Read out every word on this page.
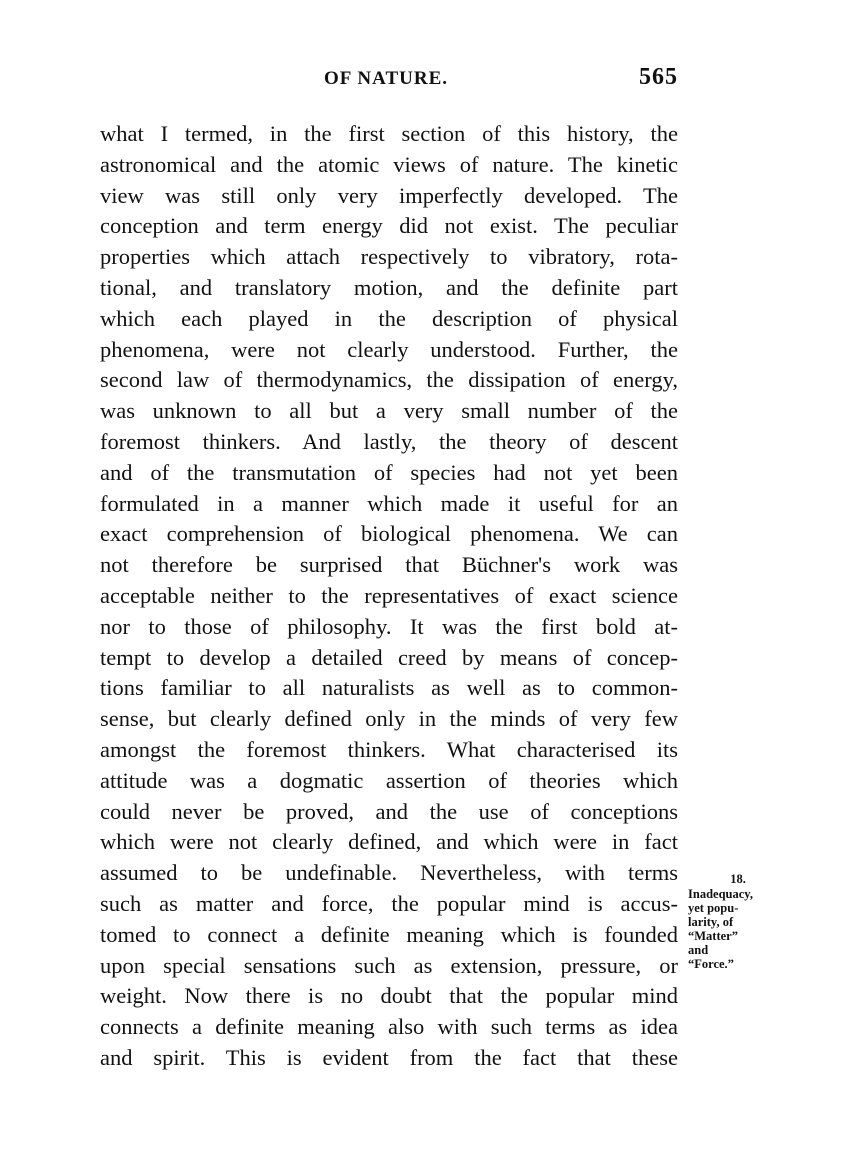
OF NATURE.	565
what I termed, in the first section of this history, the
astronomical and the atomic views of nature. The kinetic
view was still only very imperfectly developed. The
conception and term energy did not exist. The peculiar
properties which attach respectively to vibratory, rota-
tional, and translatory motion, and the definite part
which each played in the description of physical
phenomena, were not clearly understood. Further, the
second law of thermodynamics, the dissipation of energy,
was unknown to all but a very small number of the
foremost thinkers. And lastly, the theory of descent
and of the transmutation of species had not yet been
formulated in a manner which made it useful for an
exact comprehension of biological phenomena. We can
not therefore be surprised that Büchner's work was
acceptable neither to the representatives of exact science
nor to those of philosophy. It was the first bold at-
tempt to develop a detailed creed by means of concep-
tions familiar to all naturalists as well as to common-
sense, but clearly defined only in the minds of very few
amongst the foremost thinkers. What characterised its
attitude was a dogmatic assertion of theories which
could never be proved, and the use of conceptions
which were not clearly defined, and which were in fact
assumed to be undefinable. Nevertheless, with terms
such as matter and force, the popular mind is accus-
tomed to connect a definite meaning which is founded
upon special sensations such as extension, pressure, or
weight. Now there is no doubt that the popular mind
connects a definite meaning also with such terms as idea
and spirit. This is evident from the fact that these
18.
Inadequacy,
yet popu-
larity, of
“Matter”
and
“Force.”
